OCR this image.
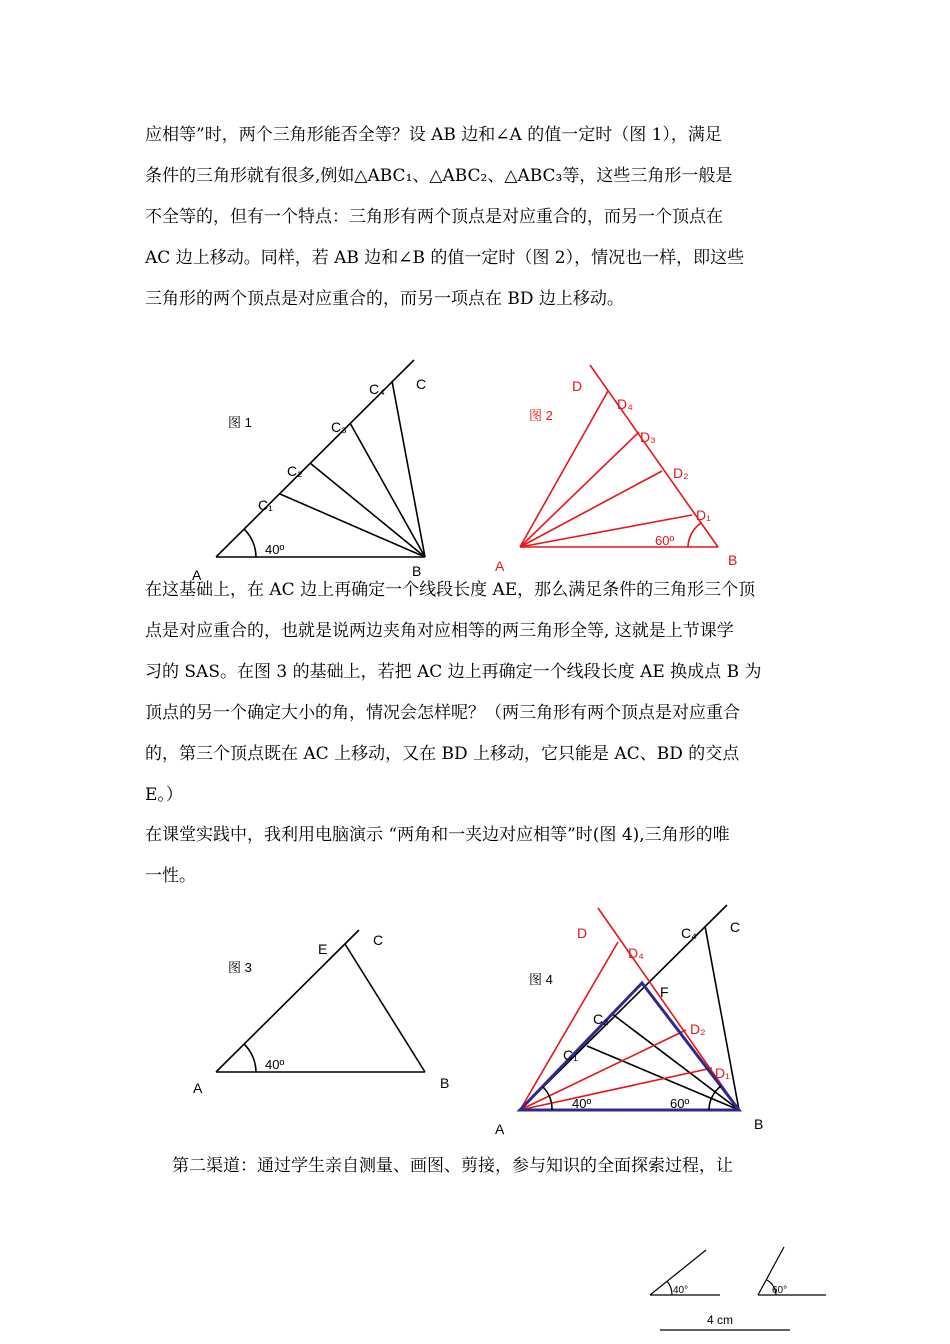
应相等”时，两个三角形能否全等？设 AB 边和∠A 的值一定时（图 1），满足
条件的三角形就有很多,例如△ABC₁、△ABC₂、△ABC₃等，这些三角形一般是
不全等的，但有一个特点：三角形有两个顶点是对应重合的，而另一个顶点在
AC 边上移动。同样，若 AB 边和∠B 的值一定时（图 2），情况也一样，即这些
三角形的两个顶点是对应重合的，而另一项点在 BD 边上移动。
在这基础上，在 AC 边上再确定一个线段长度 AE，那么满足条件的三角形三个顶
点是对应重合的，也就是说两边夹角对应相等的两三角形全等, 这就是上节课学
习的 SAS。在图 3 的基础上，若把 AC 边上再确定一个线段长度 AE 换成点 B 为
顶点的另一个确定大小的角，情况会怎样呢？（两三角形有两个顶点是对应重合
的，第三个顶点既在 AC 上移动，又在 BD 上移动，它只能是 AC、BD 的交点
E。）
在课堂实践中，我利用电脑演示 “两角和一夹边对应相等”时(图 4),三角形的唯
一性。
第二渠道：通过学生亲自测量、画图、剪接，参与知识的全面探索过程，让
图 1
A	B
C
C₄
C₃
C₂
C₁
40º
图 2
A	B
D
D₄
D₃
D₂
D₁
60º
图 3
A	B
C
E
40º
图 4
A	B
C
C₄
C₂
C₁
D
D₄
D₂
D₁
F
40º	60º
40°	60°
4 cm
